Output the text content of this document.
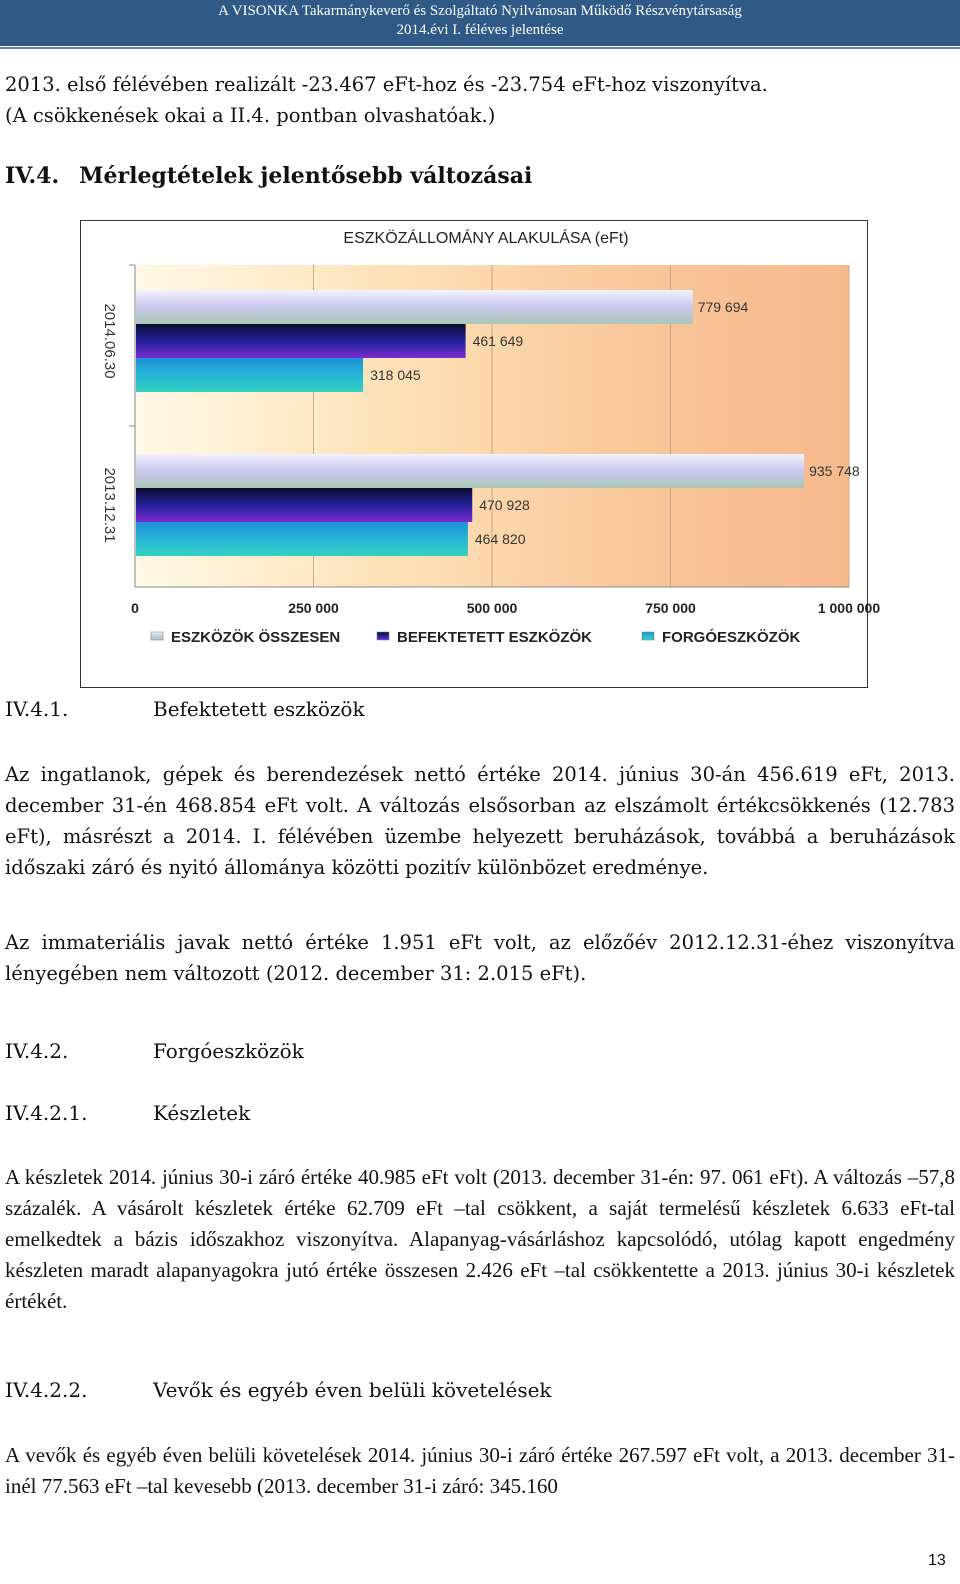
A VISONKA Takarmánykeverő és Szolgáltató Nyilvánosan Működő Részvénytársaság
2014.évi I. féléves jelentése

2013. első félévében realizált -23.467 eFt-hoz és -23.754 eFt-hoz viszonyítva.

(A csökkenések okai a II.4. pontban olvashatóak.)

IV.4. Mérlegtételek jelentősebb változásai
ESZKÖZÁLLOMÁNY ALAKULÁSA (eFt)
779 694
461 649
318 045
935 748
470 928
464 820
0	250 000	500 000	750 000	1 000 000
2014.06.30
2013.12.31
ESZKÖZÖK ÖSSZESEN	BEFEKTETETT ESZKÖZÖK	FORGÓESZKÖZÖK

IV.4.1.	Befektetett eszközök

Az ingatlanok, gépek és berendezések nettó értéke 2014. június 30-án 456.619 eFt, 2013. december 31-én 468.854 eFt volt. A változás elsősorban az elszámolt értékcsökkenés (12.783 eFt), másrészt a 2014. I. félévében üzembe helyezett beruházások, továbbá a beruházások időszaki záró és nyitó állománya közötti pozitív különbözet eredménye.

Az immateriális javak nettó értéke 1.951 eFt volt, az előzőév 2012.12.31-éhez viszonyítva lényegében nem változott (2012. december 31: 2.015 eFt).

IV.4.2.	Forgóeszközök

IV.4.2.1.	Készletek

A készletek 2014. június 30-i záró értéke 40.985 eFt volt (2013. december 31-én: 97. 061 eFt). A változás –57,8 százalék. A vásárolt készletek értéke 62.709 eFt –tal csökkent, a saját termelésű készletek 6.633 eFt-tal emelkedtek a bázis időszakhoz viszonyítva. Alapanyag-vásárláshoz kapcsolódó, utólag kapott engedmény készleten maradt alapanyagokra jutó értéke összesen 2.426 eFt –tal csökkentette a 2013. június 30-i készletek értékét.

IV.4.2.2.	Vevők és egyéb éven belüli követelések

A vevők és egyéb éven belüli követelések 2014. június 30-i záró értéke 267.597 eFt volt, a 2013. december 31-inél 77.563 eFt –tal kevesebb (2013. december 31-i záró: 345.160

13
